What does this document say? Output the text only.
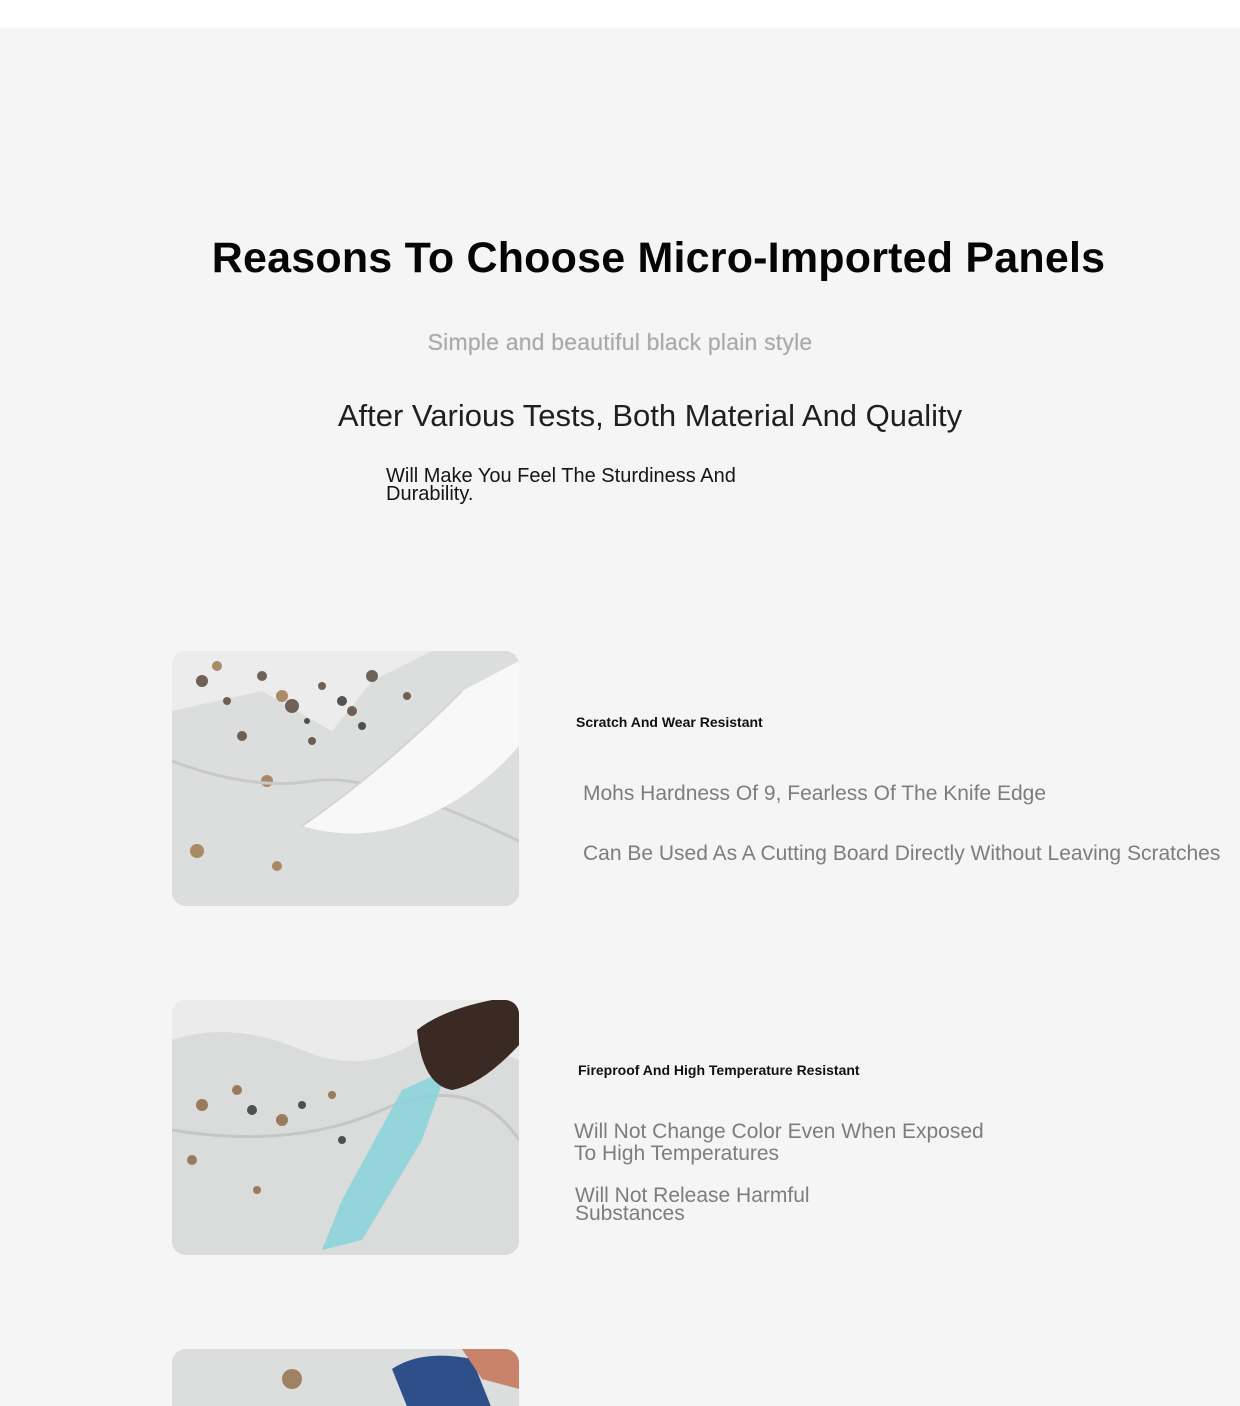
Reasons To Choose Micro-Imported Panels
Simple and beautiful black plain style
After Various Tests, Both Material And Quality
Will Make You Feel The Sturdiness And Durability.
Scratch And Wear Resistant
Mohs Hardness Of 9, Fearless Of The Knife Edge
Can Be Used As A Cutting Board Directly Without Leaving Scratches
Fireproof And High Temperature Resistant
Will Not Change Color Even When Exposed To High Temperatures
Will Not Release Harmful Substances
